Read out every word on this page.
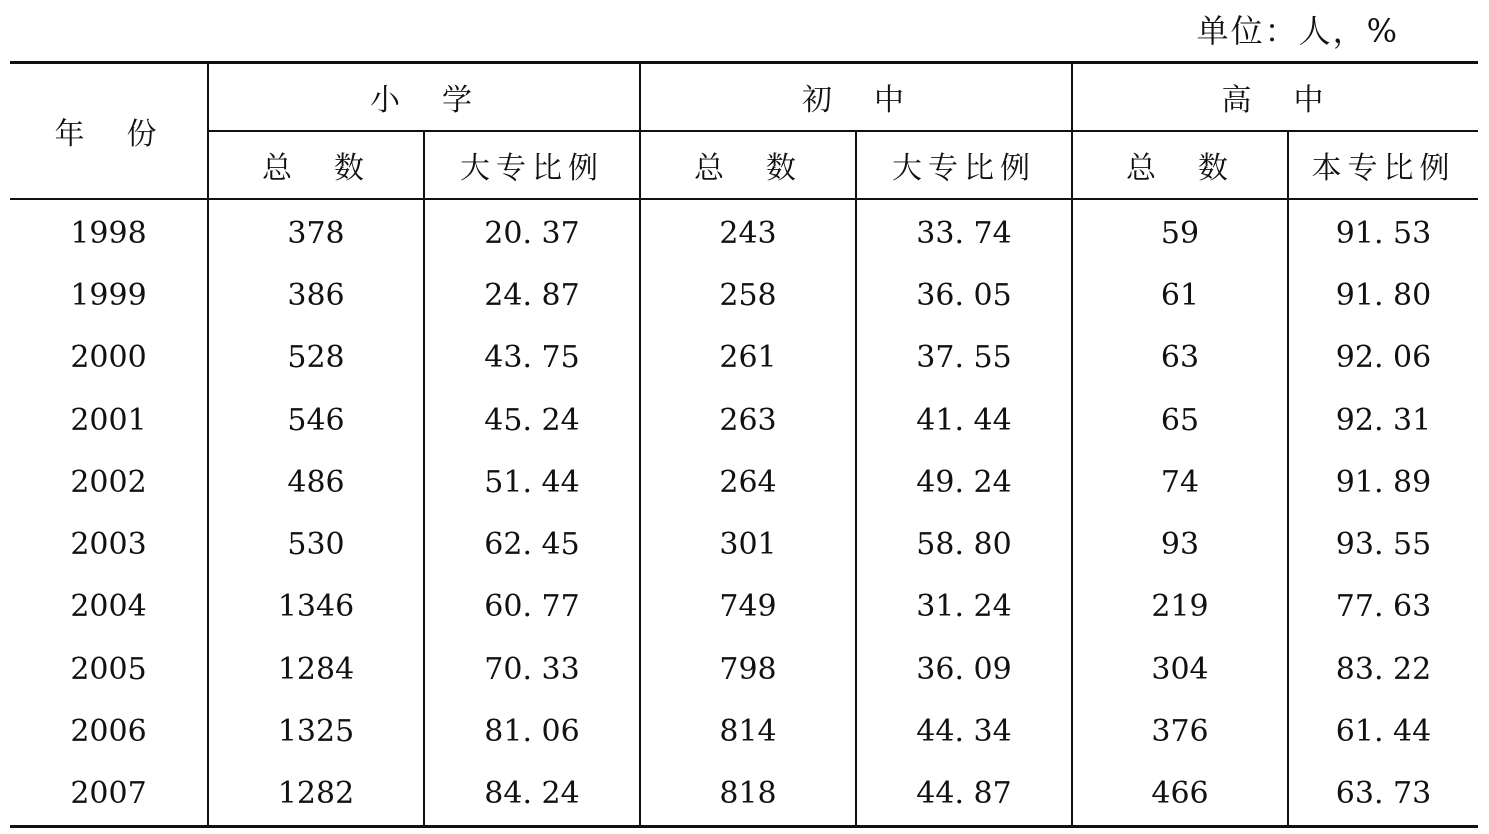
单位：人，%
年　份	小　学		初　中		高　中	
	总　数	大专比例	总　数	大专比例	总　数	本专比例
1998	378	20. 37	243	33. 74	59	91. 53
1999	386	24. 87	258	36. 05	61	91. 80
2000	528	43. 75	261	37. 55	63	92. 06
2001	546	45. 24	263	41. 44	65	92. 31
2002	486	51. 44	264	49. 24	74	91. 89
2003	530	62. 45	301	58. 80	93	93. 55
2004	1346	60. 77	749	31. 24	219	77. 63
2005	1284	70. 33	798	36. 09	304	83. 22
2006	1325	81. 06	814	44. 34	376	61. 44
2007	1282	84. 24	818	44. 87	466	63. 73
